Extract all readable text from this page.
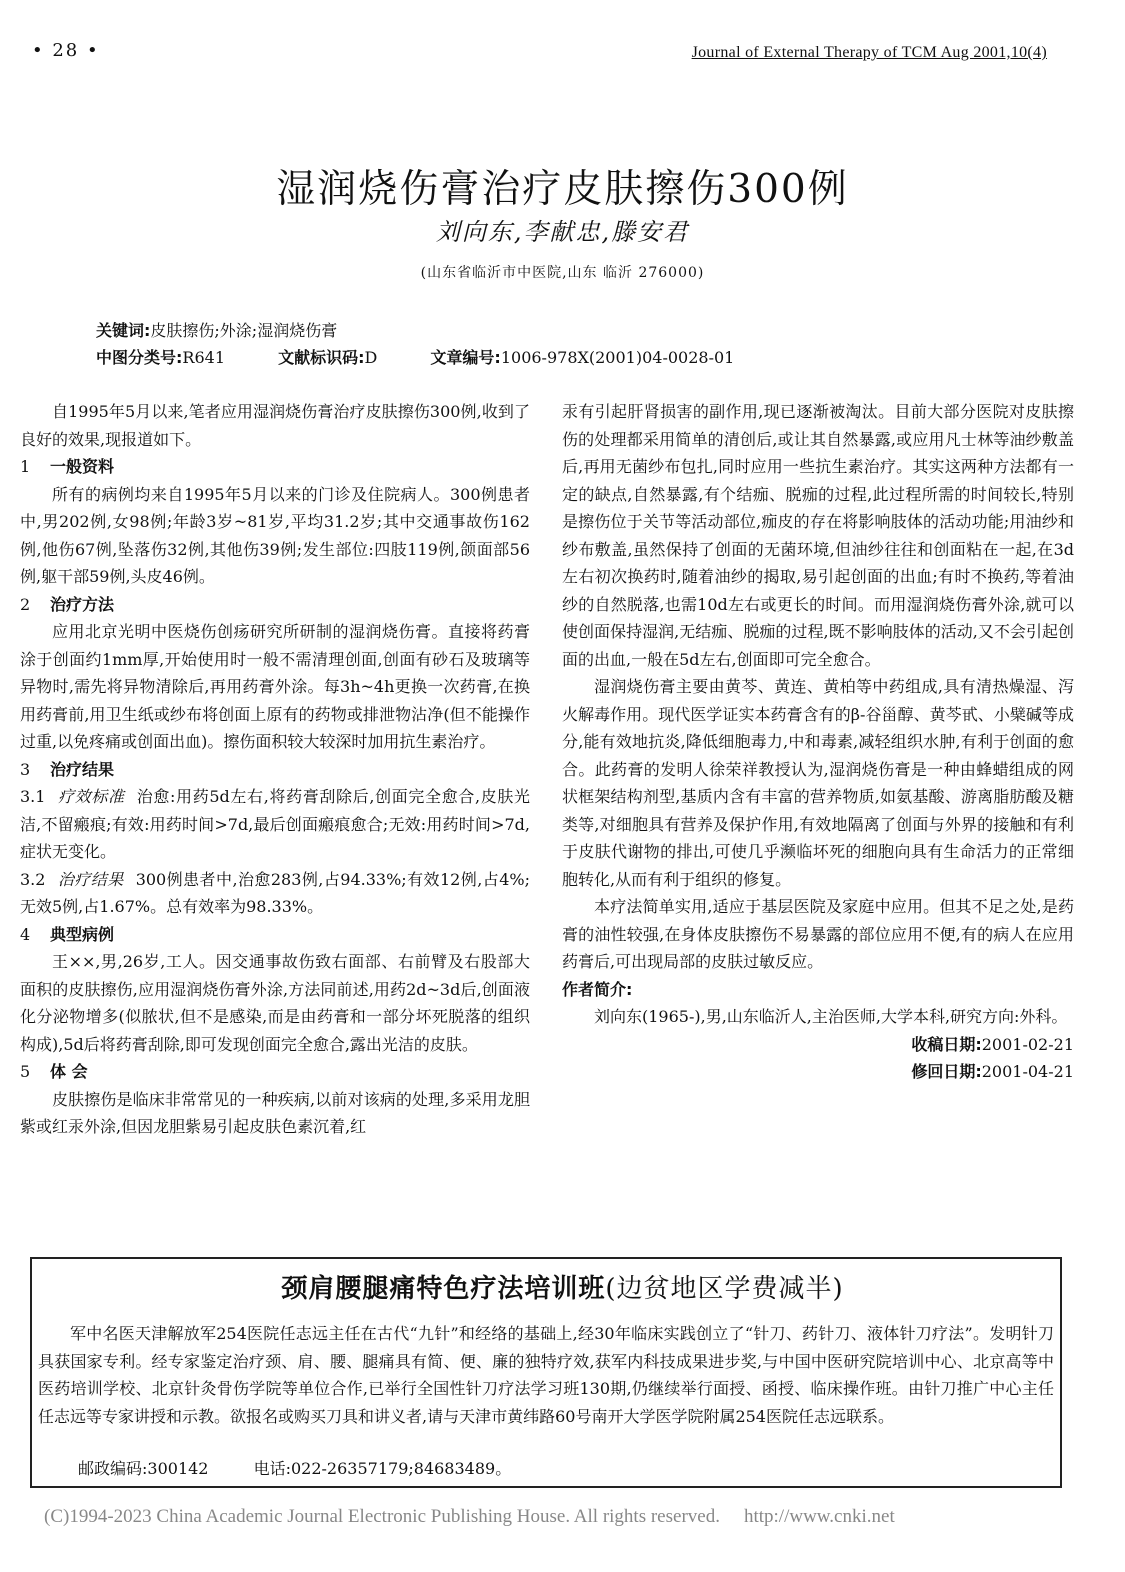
• 28 •	Journal of External Therapy of TCM Aug 2001,10(4)
湿润烧伤膏治疗皮肤擦伤300例
刘向东,李献忠,滕安君
(山东省临沂市中医院,山东 临沂 276000)
关键词:皮肤擦伤;外涂;湿润烧伤膏
中图分类号:R641	文献标识码:D	文章编号:1006-978X(2001)04-0028-01

自1995年5月以来,笔者应用湿润烧伤膏治疗皮肤擦伤300例,收到了良好的效果,现报道如下。

1 一般资料

所有的病例均来自1995年5月以来的门诊及住院病人。300例患者中,男202例,女98例;年龄3岁~81岁,平均31.2岁;其中交通事故伤162例,他伤67例,坠落伤32例,其他伤39例;发生部位:四肢119例,颌面部56例,躯干部59例,头皮46例。

2 治疗方法

应用北京光明中医烧伤创疡研究所研制的湿润烧伤膏。直接将药膏涂于创面约1mm厚,开始使用时一般不需清理创面,创面有砂石及玻璃等异物时,需先将异物清除后,再用药膏外涂。每3h~4h更换一次药膏,在换用药膏前,用卫生纸或纱布将创面上原有的药物或排泄物沾净(但不能操作过重,以免疼痛或创面出血)。擦伤面积较大较深时加用抗生素治疗。

3 治疗结果

3.1 疗效标准 治愈:用药5d左右,将药膏刮除后,创面完全愈合,皮肤光洁,不留瘢痕;有效:用药时间>7d,最后创面瘢痕愈合;无效:用药时间>7d,症状无变化。

3.2 治疗结果 300例患者中,治愈283例,占94.33%;有效12例,占4%;无效5例,占1.67%。总有效率为98.33%。

4 典型病例

王××,男,26岁,工人。因交通事故伤致右面部、右前臂及右股部大面积的皮肤擦伤,应用湿润烧伤膏外涂,方法同前述,用药2d~3d后,创面液化分泌物增多(似脓状,但不是感染,而是由药膏和一部分坏死脱落的组织构成),5d后将药膏刮除,即可发现创面完全愈合,露出光洁的皮肤。

5 体 会

皮肤擦伤是临床非常常见的一种疾病,以前对该病的处理,多采用龙胆紫或红汞外涂,但因龙胆紫易引起皮肤色素沉着,红

汞有引起肝肾损害的副作用,现已逐渐被淘汰。目前大部分医院对皮肤擦伤的处理都采用简单的清创后,或让其自然暴露,或应用凡士林等油纱敷盖后,再用无菌纱布包扎,同时应用一些抗生素治疗。其实这两种方法都有一定的缺点,自然暴露,有个结痂、脱痂的过程,此过程所需的时间较长,特别是擦伤位于关节等活动部位,痂皮的存在将影响肢体的活动功能;用油纱和纱布敷盖,虽然保持了创面的无菌环境,但油纱往往和创面粘在一起,在3d左右初次换药时,随着油纱的揭取,易引起创面的出血;有时不换药,等着油纱的自然脱落,也需10d左右或更长的时间。而用湿润烧伤膏外涂,就可以使创面保持湿润,无结痂、脱痂的过程,既不影响肢体的活动,又不会引起创面的出血,一般在5d左右,创面即可完全愈合。

湿润烧伤膏主要由黄芩、黄连、黄柏等中药组成,具有清热燥湿、泻火解毒作用。现代医学证实本药膏含有的β-谷甾醇、黄芩甙、小檗碱等成分,能有效地抗炎,降低细胞毒力,中和毒素,减轻组织水肿,有利于创面的愈合。此药膏的发明人徐荣祥教授认为,湿润烧伤膏是一种由蜂蜡组成的网状框架结构剂型,基质内含有丰富的营养物质,如氨基酸、游离脂肪酸及糖类等,对细胞具有营养及保护作用,有效地隔离了创面与外界的接触和有利于皮肤代谢物的排出,可使几乎濒临坏死的细胞向具有生命活力的正常细胞转化,从而有利于组织的修复。

本疗法简单实用,适应于基层医院及家庭中应用。但其不足之处,是药膏的油性较强,在身体皮肤擦伤不易暴露的部位应用不便,有的病人在应用药膏后,可出现局部的皮肤过敏反应。

作者简介:

刘向东(1965-),男,山东临沂人,主治医师,大学本科,研究方向:外科。

收稿日期:2001-02-21

修回日期:2001-04-21

颈肩腰腿痛特色疗法培训班(边贫地区学费减半)
军中名医天津解放军254医院任志远主任在古代“九针”和经络的基础上,经30年临床实践创立了“针刀、药针刀、液体针刀疗法”。发明针刀具获国家专利。经专家鉴定治疗颈、肩、腰、腿痛具有简、便、廉的独特疗效,获军内科技成果进步奖,与中国中医研究院培训中心、北京高等中医药培训学校、北京针灸骨伤学院等单位合作,已举行全国性针刀疗法学习班130期,仍继续举行面授、函授、临床操作班。由针刀推广中心主任任志远等专家讲授和示教。欲报名或购买刀具和讲义者,请与天津市黄纬路60号南开大学医学院附属254医院任志远联系。
邮政编码:300142	电话:022-26357179;84683489。
(C)1994-2023 China Academic Journal Electronic Publishing House. All rights reserved. http://www.cnki.net
